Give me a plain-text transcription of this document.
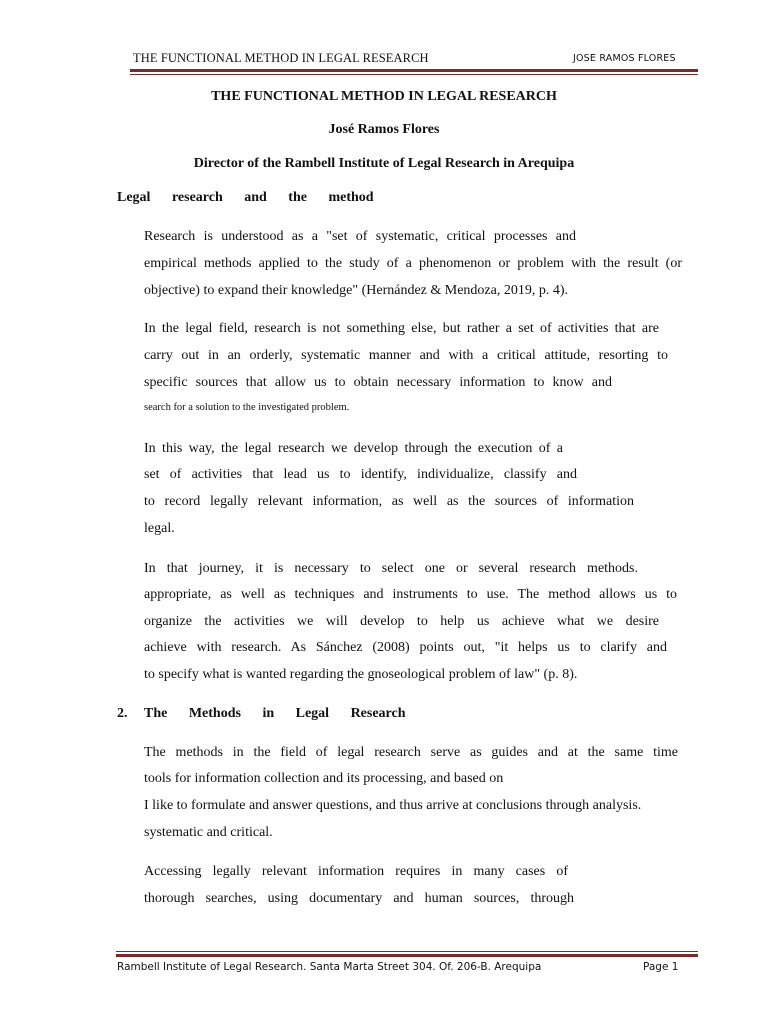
THE FUNCTIONAL METHOD IN LEGAL RESEARCH	JOSE RAMOS FLORES
THE FUNCTIONAL METHOD IN LEGAL RESEARCH
José Ramos Flores
Director of the Rambell Institute of Legal Research in Arequipa
Legal research and the method
Research is understood as a "set of systematic, critical processes and
empirical methods applied to the study of a phenomenon or problem with the result (or
objective) to expand their knowledge" (Hernández & Mendoza, 2019, p. 4).
In the legal field, research is not something else, but rather a set of activities that are
carry out in an orderly, systematic manner and with a critical attitude, resorting to
specific sources that allow us to obtain necessary information to know and
search for a solution to the investigated problem.
In this way, the legal research we develop through the execution of a
set of activities that lead us to identify, individualize, classify and
to record legally relevant information, as well as the sources of information
legal.
In that journey, it is necessary to select one or several research methods.
appropriate, as well as techniques and instruments to use. The method allows us to
organize the activities we will develop to help us achieve what we desire
achieve with research. As Sánchez (2008) points out, "it helps us to clarify and
to specify what is wanted regarding the gnoseological problem of law" (p. 8).
2. The Methods in Legal Research
The methods in the field of legal research serve as guides and at the same time
tools for information collection and its processing, and based on
I like to formulate and answer questions, and thus arrive at conclusions through analysis.
systematic and critical.
Accessing legally relevant information requires in many cases of
thorough searches, using documentary and human sources, through
Rambell Institute of Legal Research. Santa Marta Street 304. Of. 206-B. Arequipa	Page 1
